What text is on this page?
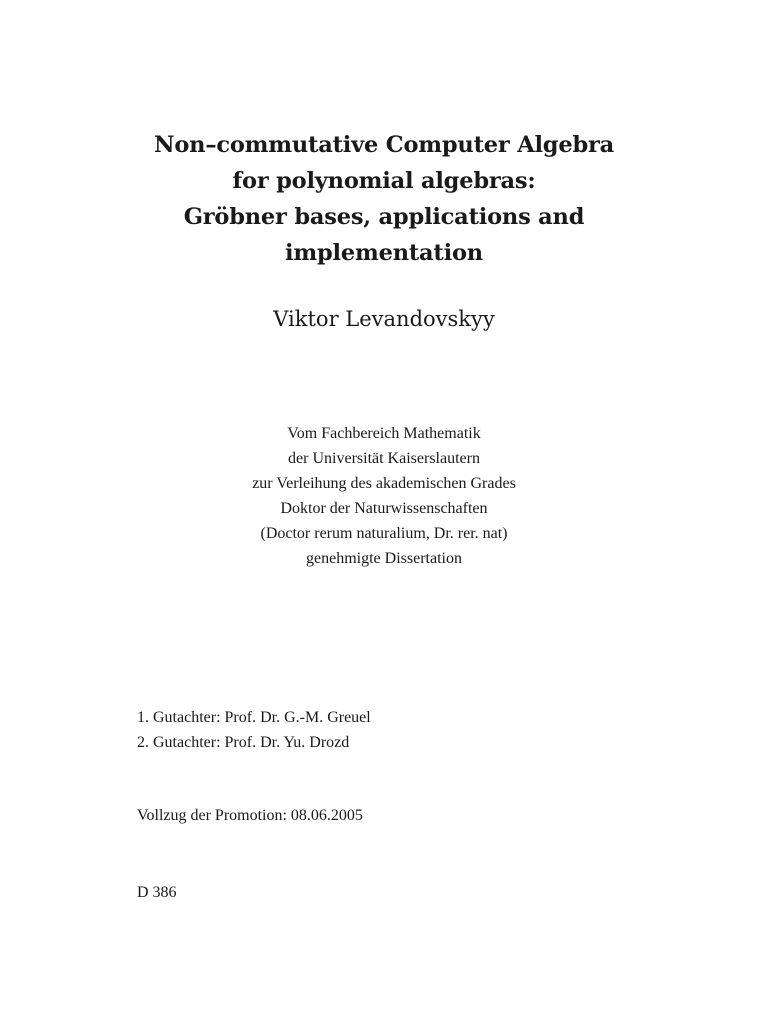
Non–commutative Computer Algebra
for polynomial algebras:
Gröbner bases, applications and
implementation
Viktor Levandovskyy
Vom Fachbereich Mathematik
der Universität Kaiserslautern
zur Verleihung des akademischen Grades
Doktor der Naturwissenschaften
(Doctor rerum naturalium, Dr. rer. nat)
genehmigte Dissertation
1. Gutachter: Prof. Dr. G.-M. Greuel
2. Gutachter: Prof. Dr. Yu. Drozd
Vollzug der Promotion: 08.06.2005
D 386
